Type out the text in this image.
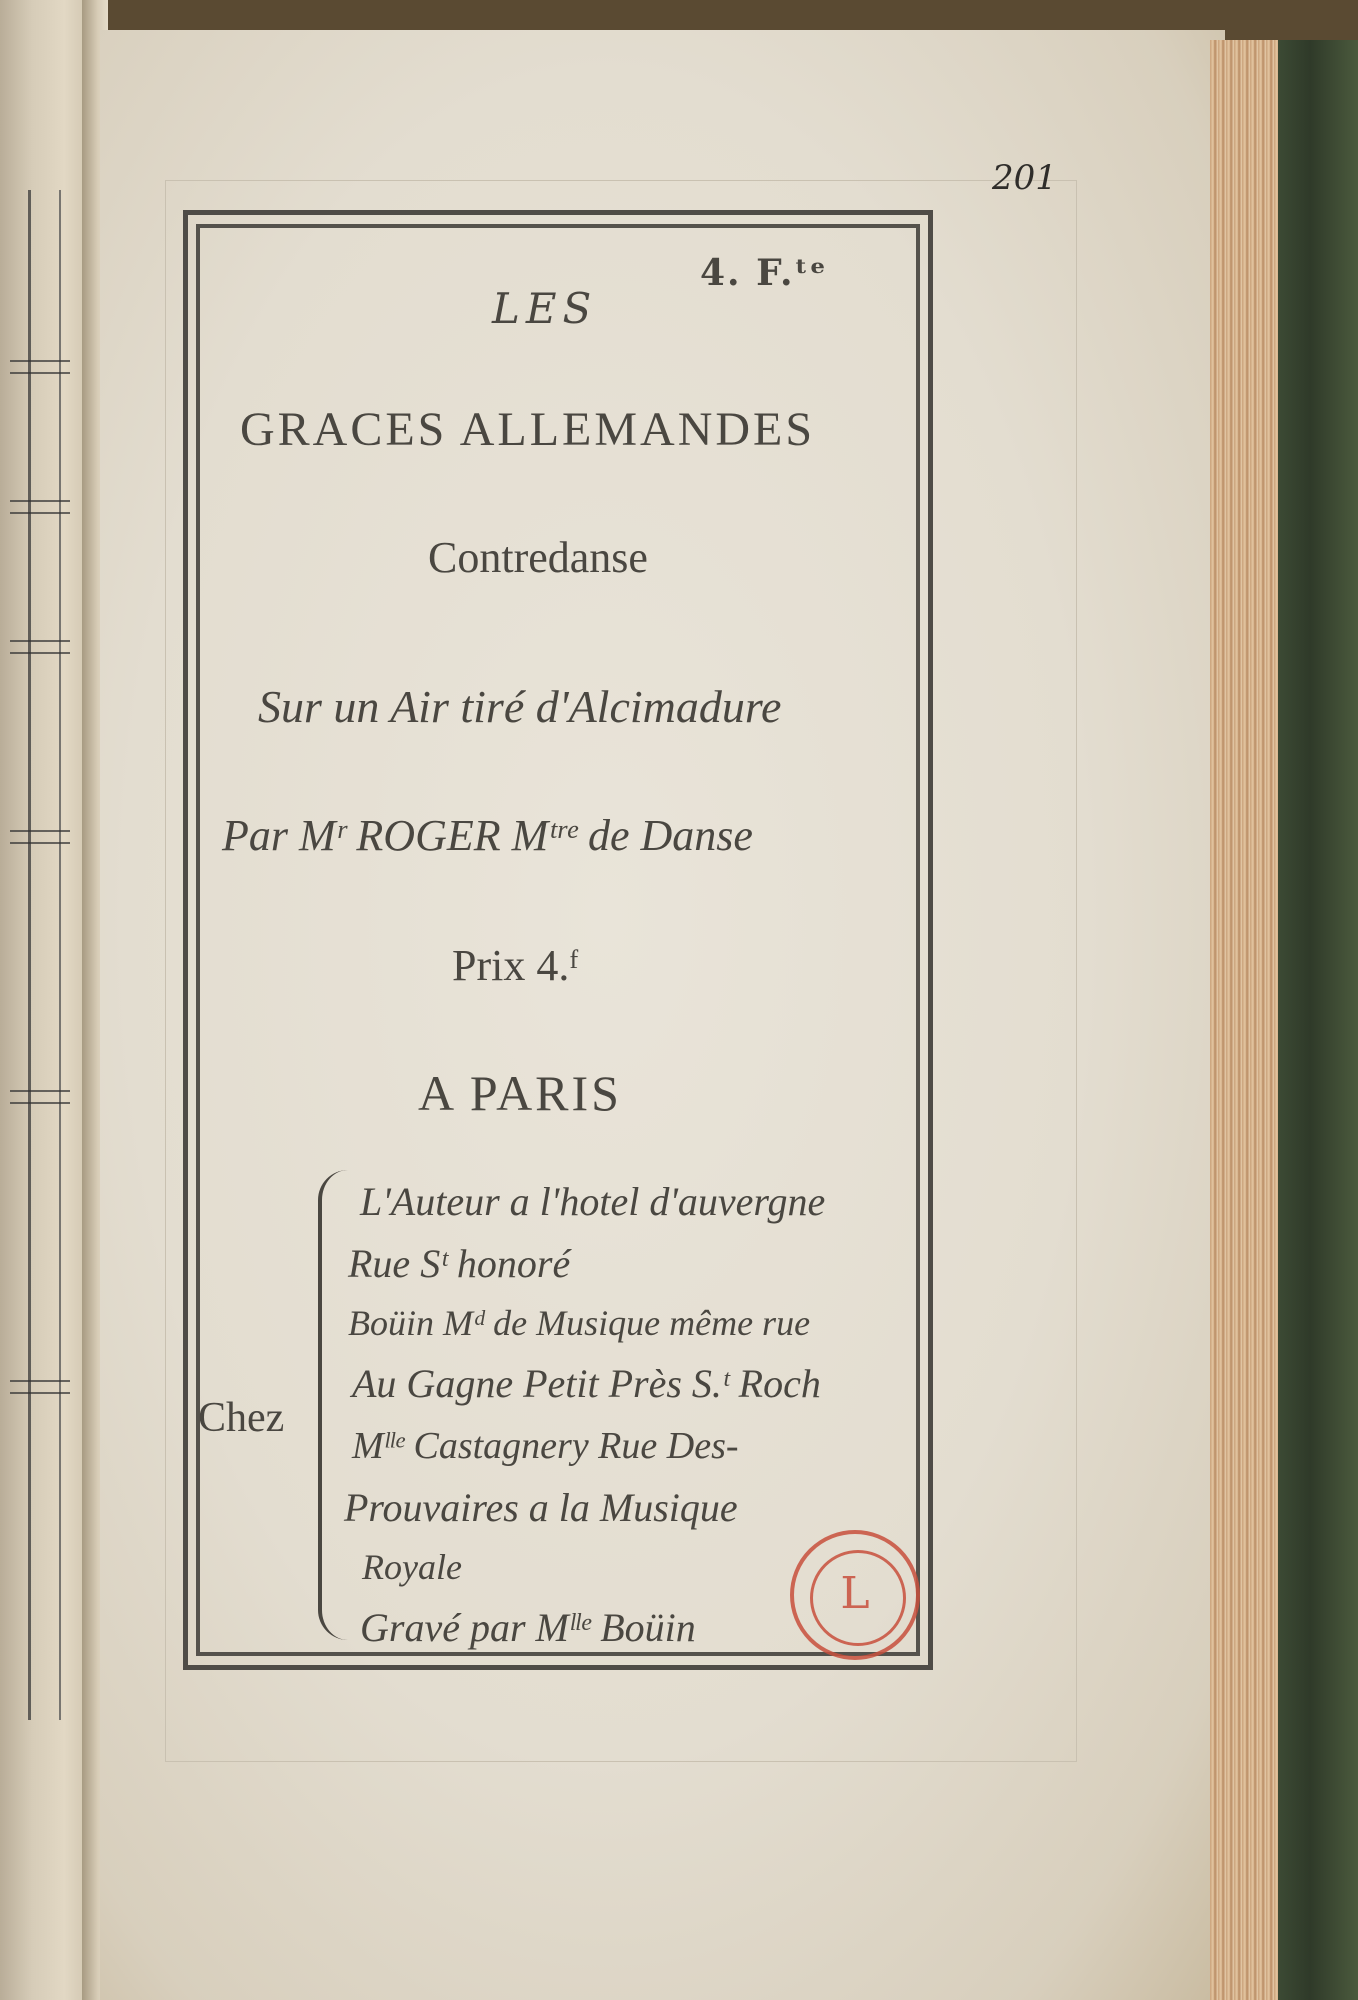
201
4. F.ᵗᵉ
LES
GRACES ALLEMANDES
Contredanse
Sur un Air tiré d'Alcimadure
Par Mʳ ROGER Mᵗʳᵉ de Danse
Prix 4.ᶠ
A PARIS
Chez
L'Auteur a l'hotel d'auvergne
Rue Sᵗ honoré
Boüin Mᵈ de Musique même rue
Au Gagne Petit Près S.ᵗ Roch
Mˡˡᵉ Castagnery Rue Des-
Prouvaires a la Musique
Royale
Gravé par Mˡˡᵉ Boüin
L
